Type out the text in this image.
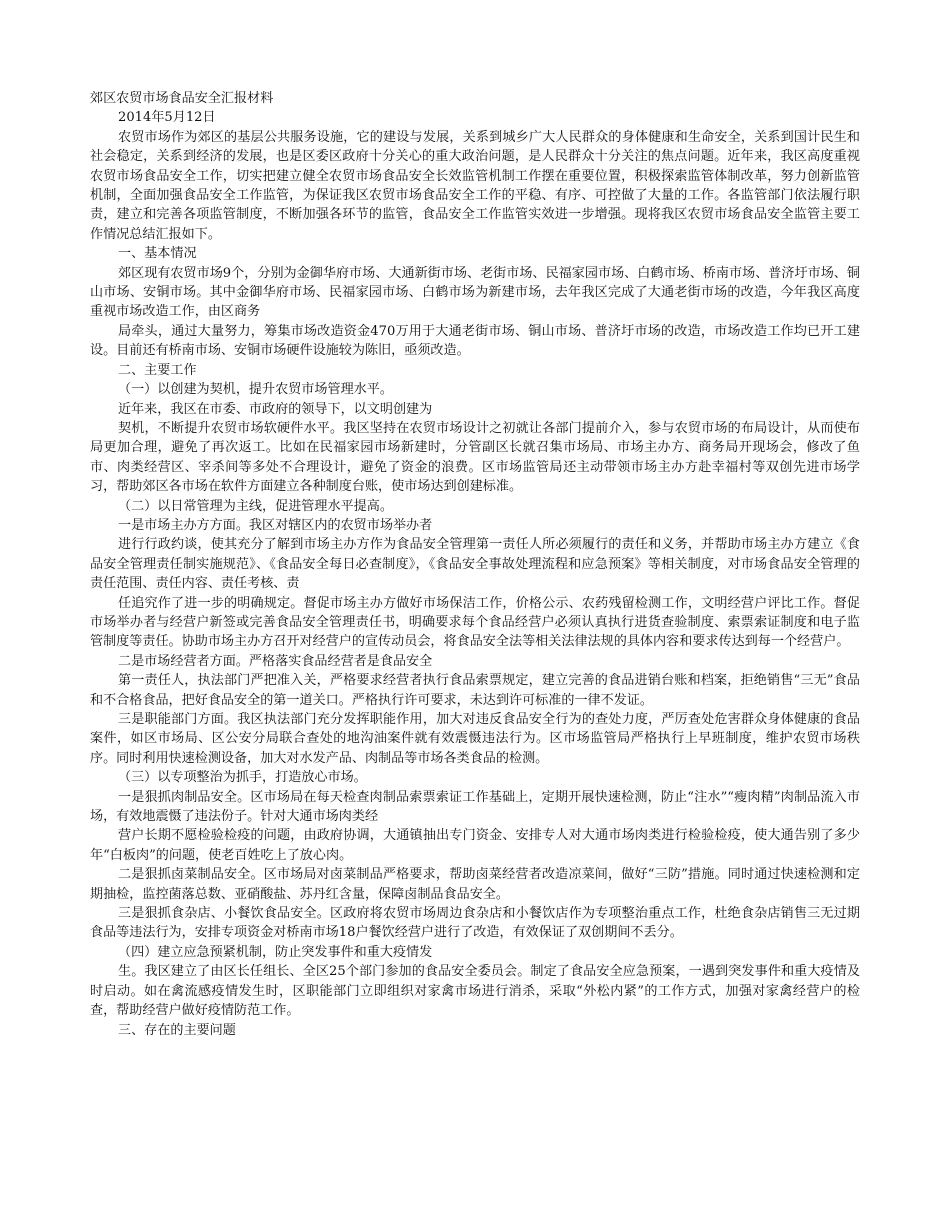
郊区农贸市场食品安全汇报材料

2014年5月12日

农贸市场作为郊区的基层公共服务设施，它的建设与发展，关系到城乡广大人民群众的身体健康和生命安全，关系到国计民生和社会稳定，关系到经济的发展，也是区委区政府十分关心的重大政治问题，是人民群众十分关注的焦点问题。近年来，我区高度重视农贸市场食品安全工作，切实把建立健全农贸市场食品安全长效监管机制工作摆在重要位置，积极探索监管体制改革，努力创新监管机制，全面加强食品安全工作监管，为保证我区农贸市场食品安全工作的平稳、有序、可控做了大量的工作。各监管部门依法履行职责，建立和完善各项监管制度，不断加强各环节的监管，食品安全工作监管实效进一步增强。现将我区农贸市场食品安全监管主要工作情况总结汇报如下。

一、基本情况

郊区现有农贸市场9个，分别为金御华府市场、大通新街市场、老街市场、民福家园市场、白鹤市场、桥南市场、普济圩市场、铜山市场、安铜市场。其中金御华府市场、民福家园市场、白鹤市场为新建市场，去年我区完成了大通老街市场的改造，今年我区高度重视市场改造工作，由区商务

局牵头，通过大量努力，筹集市场改造资金470万用于大通老街市场、铜山市场、普济圩市场的改造，市场改造工作均已开工建设。目前还有桥南市场、安铜市场硬件设施较为陈旧，亟须改造。

二、主要工作

（一）以创建为契机，提升农贸市场管理水平。

近年来，我区在市委、市政府的领导下，以文明创建为

契机，不断提升农贸市场软硬件水平。我区坚持在农贸市场设计之初就让各部门提前介入，参与农贸市场的布局设计，从而使布局更加合理，避免了再次返工。比如在民福家园市场新建时，分管副区长就召集市场局、市场主办方、商务局开现场会，修改了鱼市、肉类经营区、宰杀间等多处不合理设计，避免了资金的浪费。区市场监管局还主动带领市场主办方赴幸福村等双创先进市场学习，帮助郊区各市场在软件方面建立各种制度台账，使市场达到创建标准。

（二）以日常管理为主线，促进管理水平提高。

一是市场主办方方面。我区对辖区内的农贸市场举办者

进行行政约谈，使其充分了解到市场主办方作为食品安全管理第一责任人所必须履行的责任和义务，并帮助市场主办方建立《食品安全管理责任制实施规范》、《食品安全每日必查制度》，《食品安全事故处理流程和应急预案》等相关制度，对市场食品安全管理的责任范围、责任内容、责任考核、责

任追究作了进一步的明确规定。督促市场主办方做好市场保洁工作，价格公示、农药残留检测工作，文明经营户评比工作。督促市场举办者与经营户新签或完善食品安全管理责任书，明确要求每个食品经营户必须认真执行进货查验制度、索票索证制度和电子监管制度等责任。协助市场主办方召开对经营户的宣传动员会，将食品安全法等相关法律法规的具体内容和要求传达到每一个经营户。

二是市场经营者方面。严格落实食品经营者是食品安全

第一责任人，执法部门严把准入关，严格要求经营者执行食品索票规定，建立完善的食品进销台账和档案，拒绝销售“三无”食品和不合格食品，把好食品安全的第一道关口。严格执行许可要求，未达到许可标准的一律不发证。

三是职能部门方面。我区执法部门充分发挥职能作用，加大对违反食品安全行为的查处力度，严厉查处危害群众身体健康的食品案件，如区市场局、区公安分局联合查处的地沟油案件就有效震慑违法行为。区市场监管局严格执行上早班制度，维护农贸市场秩序。同时利用快速检测设备，加大对水发产品、肉制品等市场各类食品的检测。

（三）以专项整治为抓手，打造放心市场。

一是狠抓肉制品安全。区市场局在每天检查肉制品索票索证工作基础上，定期开展快速检测，防止“注水”“瘦肉精”肉制品流入市场，有效地震慑了违法份子。针对大通市场肉类经

营户长期不愿检验检疫的问题，由政府协调，大通镇抽出专门资金、安排专人对大通市场肉类进行检验检疫，使大通告别了多少年“白板肉”的问题，使老百姓吃上了放心肉。

二是狠抓卤菜制品安全。区市场局对卤菜制品严格要求，帮助卤菜经营者改造凉菜间，做好“三防”措施。同时通过快速检测和定期抽检，监控菌落总数、亚硝酸盐、苏丹红含量，保障卤制品食品安全。

三是狠抓食杂店、小餐饮食品安全。区政府将农贸市场周边食杂店和小餐饮店作为专项整治重点工作，杜绝食杂店销售三无过期食品等违法行为，安排专项资金对桥南市场18户餐饮经营户进行了改造，有效保证了双创期间不丢分。

（四）建立应急预紧机制，防止突发事件和重大疫情发

生。我区建立了由区长任组长、全区25个部门参加的食品安全委员会。制定了食品安全应急预案，一遇到突发事件和重大疫情及时启动。如在禽流感疫情发生时，区职能部门立即组织对家禽市场进行消杀，采取“外松内紧”的工作方式，加强对家禽经营户的检查，帮助经营户做好疫情防范工作。

三、存在的主要问题
